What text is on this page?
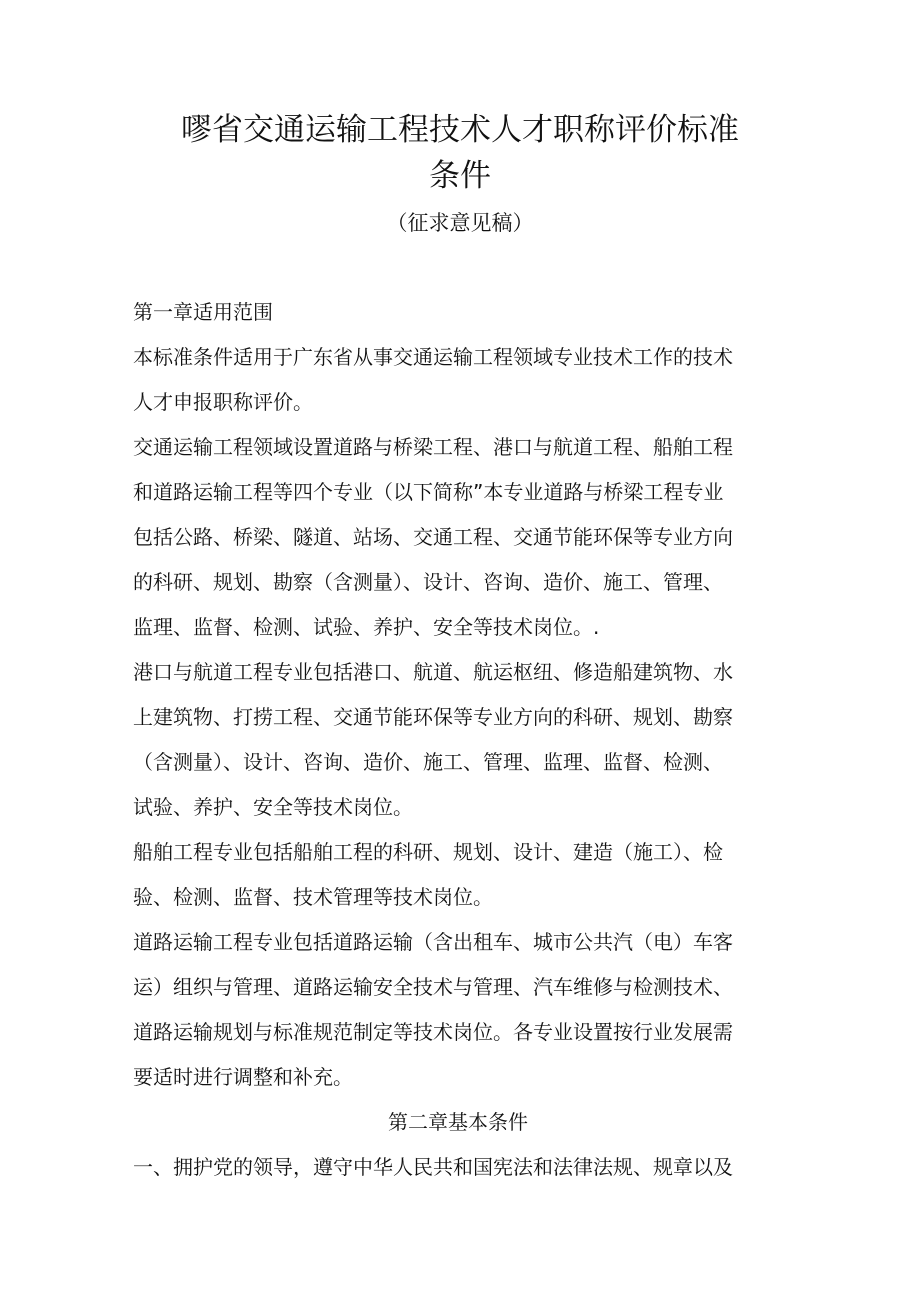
嘐省交通运输工程技术人才职称评价标准
条件
（征求意见稿）
第一章适用范围
本标准条件适用于广东省从事交通运输工程领域专业技术工作的技术
人才申报职称评价。
交通运输工程领域设置道路与桥梁工程、港口与航道工程、船舶工程
和道路运输工程等四个专业（以下简称”本专业道路与桥梁工程专业
包括公路、桥梁、隧道、站场、交通工程、交通节能环保等专业方向
的科研、规划、勘察（含测量）、设计、咨询、造价、施工、管理、
监理、监督、检测、试验、养护、安全等技术岗位。.
港口与航道工程专业包括港口、航道、航运枢纽、修造船建筑物、水
上建筑物、打捞工程、交通节能环保等专业方向的科研、规划、勘察
（含测量）、设计、咨询、造价、施工、管理、监理、监督、检测、
试验、养护、安全等技术岗位。
船舶工程专业包括船舶工程的科研、规划、设计、建造（施工）、检
验、检测、监督、技术管理等技术岗位。
道路运输工程专业包括道路运输（含出租车、城市公共汽（电）车客
运）组织与管理、道路运输安全技术与管理、汽车维修与检测技术、
道路运输规划与标准规范制定等技术岗位。各专业设置按行业发展需
要适时进行调整和补充。
第二章基本条件
一、拥护党的领导，遵守中华人民共和国宪法和法律法规、规章以及
